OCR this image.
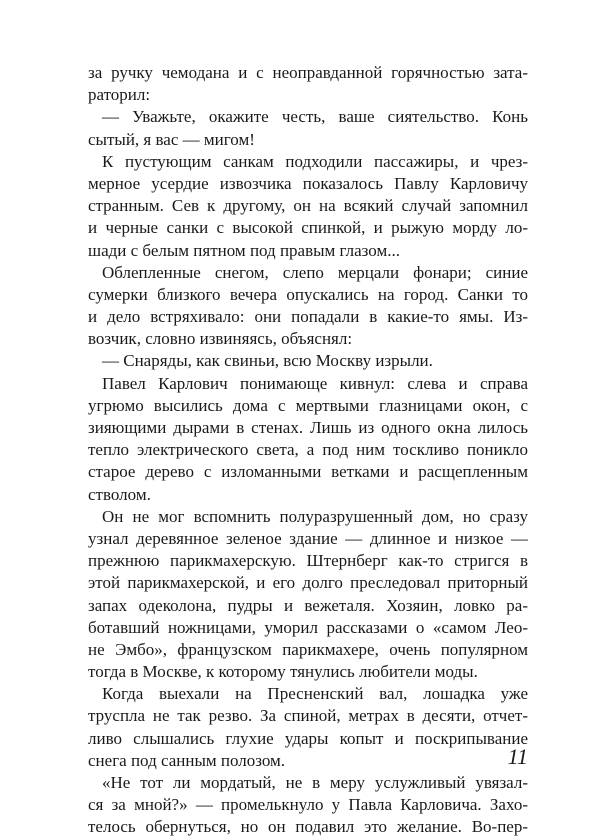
за ручку чемодана и с неоправданной горячностью зата-
раторил:
— Уважьте, окажите честь, ваше сиятельство. Конь
сытый, я вас — мигом!
К пустующим санкам подходили пассажиры, и чрез-
мерное усердие извозчика показалось Павлу Карловичу
странным. Сев к другому, он на всякий случай запомнил
и черные санки с высокой спинкой, и рыжую морду ло-
шади с белым пятном под правым глазом...
Облепленные снегом, слепо мерцали фонари; синие
сумерки близкого вечера опускались на город. Санки то
и дело встряхивало: они попадали в какие-то ямы. Из-
возчик, словно извиняясь, объяснял:
— Снаряды, как свиньи, всю Москву изрыли.
Павел Карлович понимающе кивнул: слева и справа
угрюмо высились дома с мертвыми глазницами окон, с
зияющими дырами в стенах. Лишь из одного окна лилось
тепло электрического света, а под ним тоскливо поникло
старое дерево с изломанными ветками и расщепленным
стволом.
Он не мог вспомнить полуразрушенный дом, но сразу
узнал деревянное зеленое здание — длинное и низкое —
прежнюю парикмахерскую. Штернберг как-то стригся в
этой парикмахерской, и его долго преследовал приторный
запах одеколона, пудры и вежеталя. Хозяин, ловко ра-
ботавший ножницами, уморил рассказами о «самом Лео-
не Эмбо», французском парикмахере, очень популярном
тогда в Москве, к которому тянулись любители моды.
Когда выехали на Пресненский вал, лошадка уже
труспла не так резво. За спиной, метрах в десяти, отчет-
ливо слышались глухие удары копыт и поскрипывание
снега под санным полозом.
«Не тот ли мордатый, не в меру услужливый увязал-
ся за мной?» — промелькнуло у Павла Карловича. Захо-
телось обернуться, но он подавил это желание. Во-пер-
11
